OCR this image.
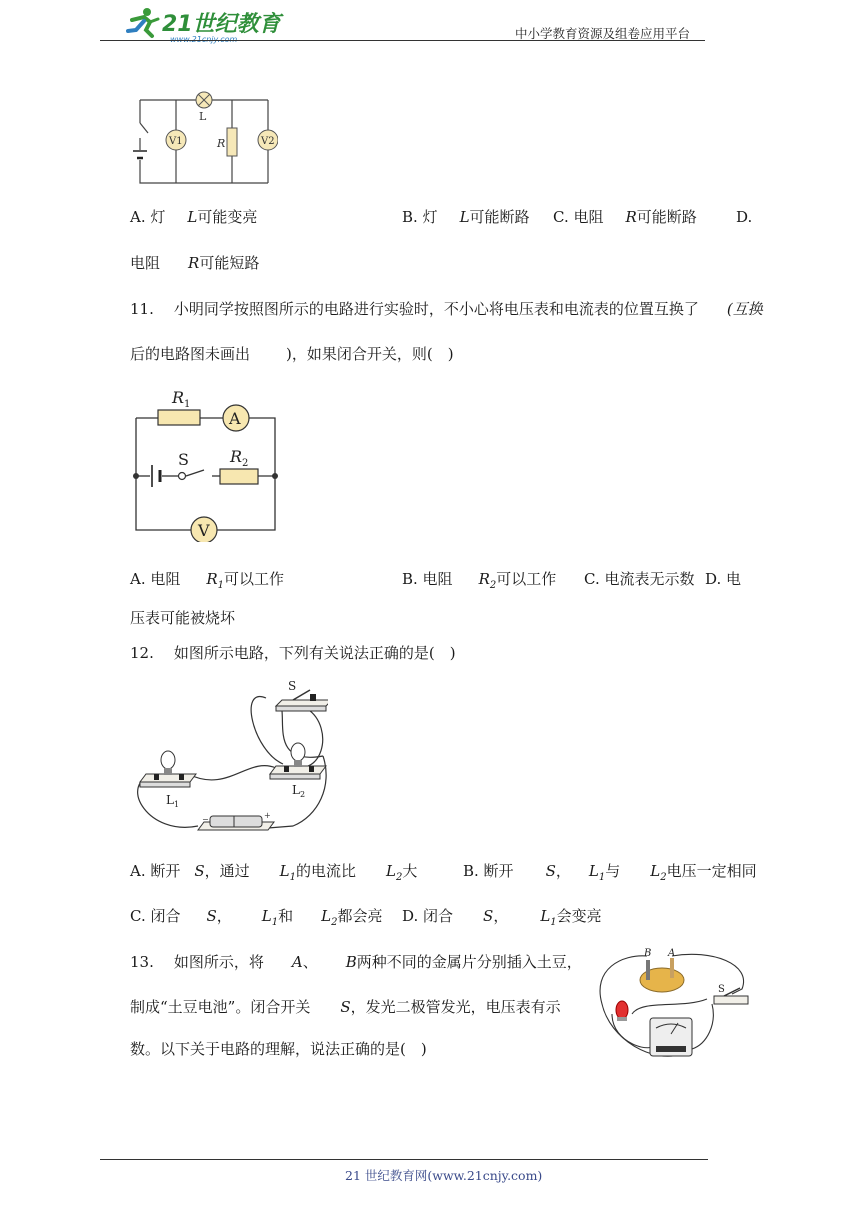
21世纪教育
www.21cnjy.com	中小学教育资源及组卷应用平台
L
R
V1	V2
A. 灯 L可能变亮	B. 灯 L可能断路 C. 电阻 R可能断路	D.
电阻 R可能短路
11. 小明同学按照图所示的电路进行实验时，不小心将电压表和电流表的位置互换了 (互换
后的电路图未画出 )，如果闭合开关，则(　)
S
$R_1$
$R_2$
A
V
A. 电阻 $R_1$可以工作	B. 电阻 $R_2$可以工作 C. 电流表无示数 D. 电
压表可能被烧坏
12. 如图所示电路，下列有关说法正确的是(　)
S
$L_1$
$L_2$
−	+
A. 断开 S，通过 $L_1$的电流比 $L_2$大	B. 断开 S， $L_1$与 $L_2$电压一定相同
C. 闭合 S， $L_1$和 $L_2$都会亮 D. 闭合 S， $L_1$会变亮
13. 如图所示，将 A、 B两种不同的金属片分别插入土豆，
制成“土豆电池”。闭合开关 S，发光二极管发光，电压表有示
数。以下关于电路的理解，说法正确的是(　)
B A
S
21 世纪教育网(www.21cnjy.com)
